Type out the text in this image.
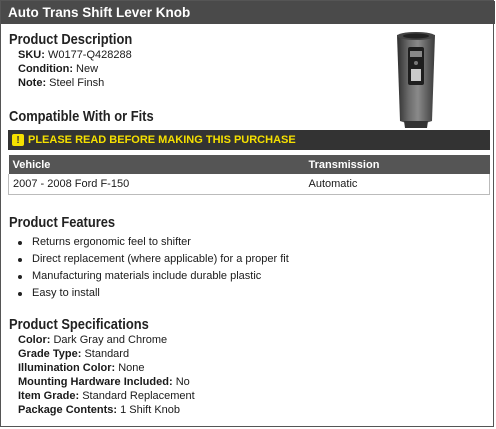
Auto Trans Shift Lever Knob
Product Description
SKU: W0177-Q428288
Condition: New
Note: Steel Finsh
Compatible With or Fits
! PLEASE READ BEFORE MAKING THIS PURCHASE
Vehicle	Transmission
2007 - 2008 Ford F-150	Automatic
Product Features
Returns ergonomic feel to shifter
Direct replacement (where applicable) for a proper fit
Manufacturing materials include durable plastic
Easy to install
Product Specifications
Color: Dark Gray and Chrome
Grade Type: Standard
Illumination Color: None
Mounting Hardware Included: No
Item Grade: Standard Replacement
Package Contents: 1 Shift Knob
